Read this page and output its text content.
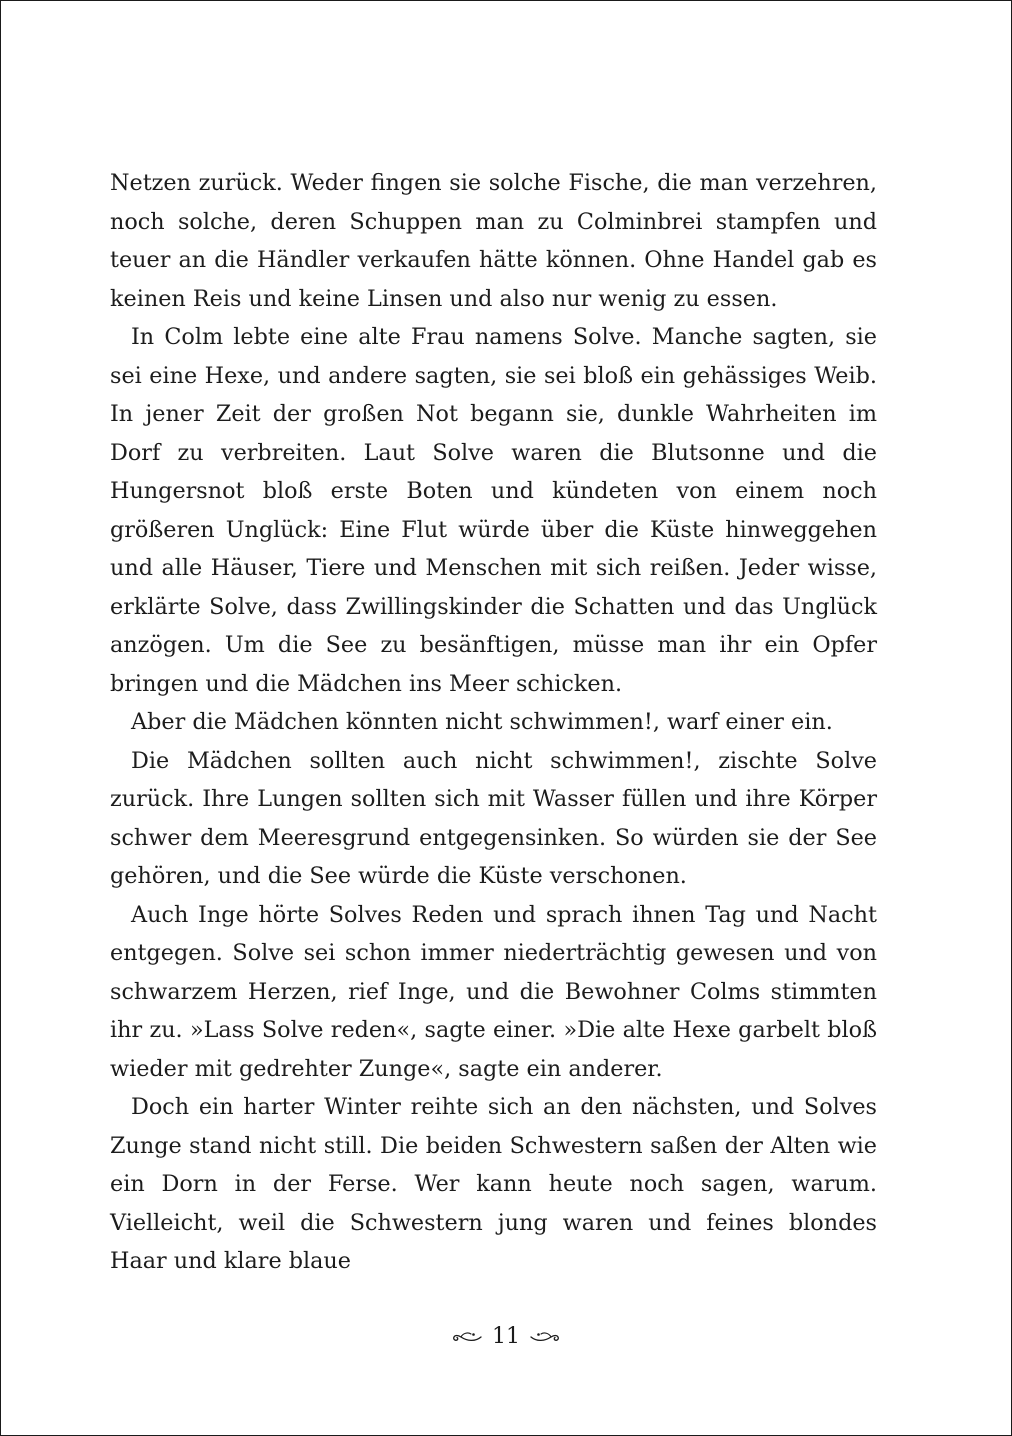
Netzen zurück. Weder fingen sie solche Fische, die man verzehren, noch solche, deren Schuppen man zu Colminbrei stampfen und teuer an die Händler verkaufen hätte können. Ohne Handel gab es keinen Reis und keine Linsen und also nur wenig zu essen.

In Colm lebte eine alte Frau namens Solve. Manche sagten, sie sei eine Hexe, und andere sagten, sie sei bloß ein gehässiges Weib. In jener Zeit der großen Not begann sie, dunkle Wahrheiten im Dorf zu verbreiten. Laut Solve waren die Blutsonne und die Hungersnot bloß erste Boten und kündeten von einem noch größeren Unglück: Eine Flut würde über die Küste hinweggehen und alle Häuser, Tiere und Menschen mit sich reißen. Jeder wisse, erklärte Solve, dass Zwillingskinder die Schatten und das Unglück anzögen. Um die See zu besänftigen, müsse man ihr ein Opfer bringen und die Mädchen ins Meer schicken.

Aber die Mädchen könnten nicht schwimmen!, warf einer ein.

Die Mädchen sollten auch nicht schwimmen!, zischte Solve zurück. Ihre Lungen sollten sich mit Wasser füllen und ihre Körper schwer dem Meeresgrund entgegensinken. So würden sie der See gehören, und die See würde die Küste verschonen.

Auch Inge hörte Solves Reden und sprach ihnen Tag und Nacht entgegen. Solve sei schon immer niederträchtig gewesen und von schwarzem Herzen, rief Inge, und die Bewohner Colms stimmten ihr zu. »Lass Solve reden«, sagte einer. »Die alte Hexe garbelt bloß wieder mit gedrehter Zunge«, sagte ein anderer.

Doch ein harter Winter reihte sich an den nächsten, und Solves Zunge stand nicht still. Die beiden Schwestern saßen der Alten wie ein Dorn in der Ferse. Wer kann heute noch sagen, warum. Vielleicht, weil die Schwestern jung waren und feines blondes Haar und klare blaue

11
